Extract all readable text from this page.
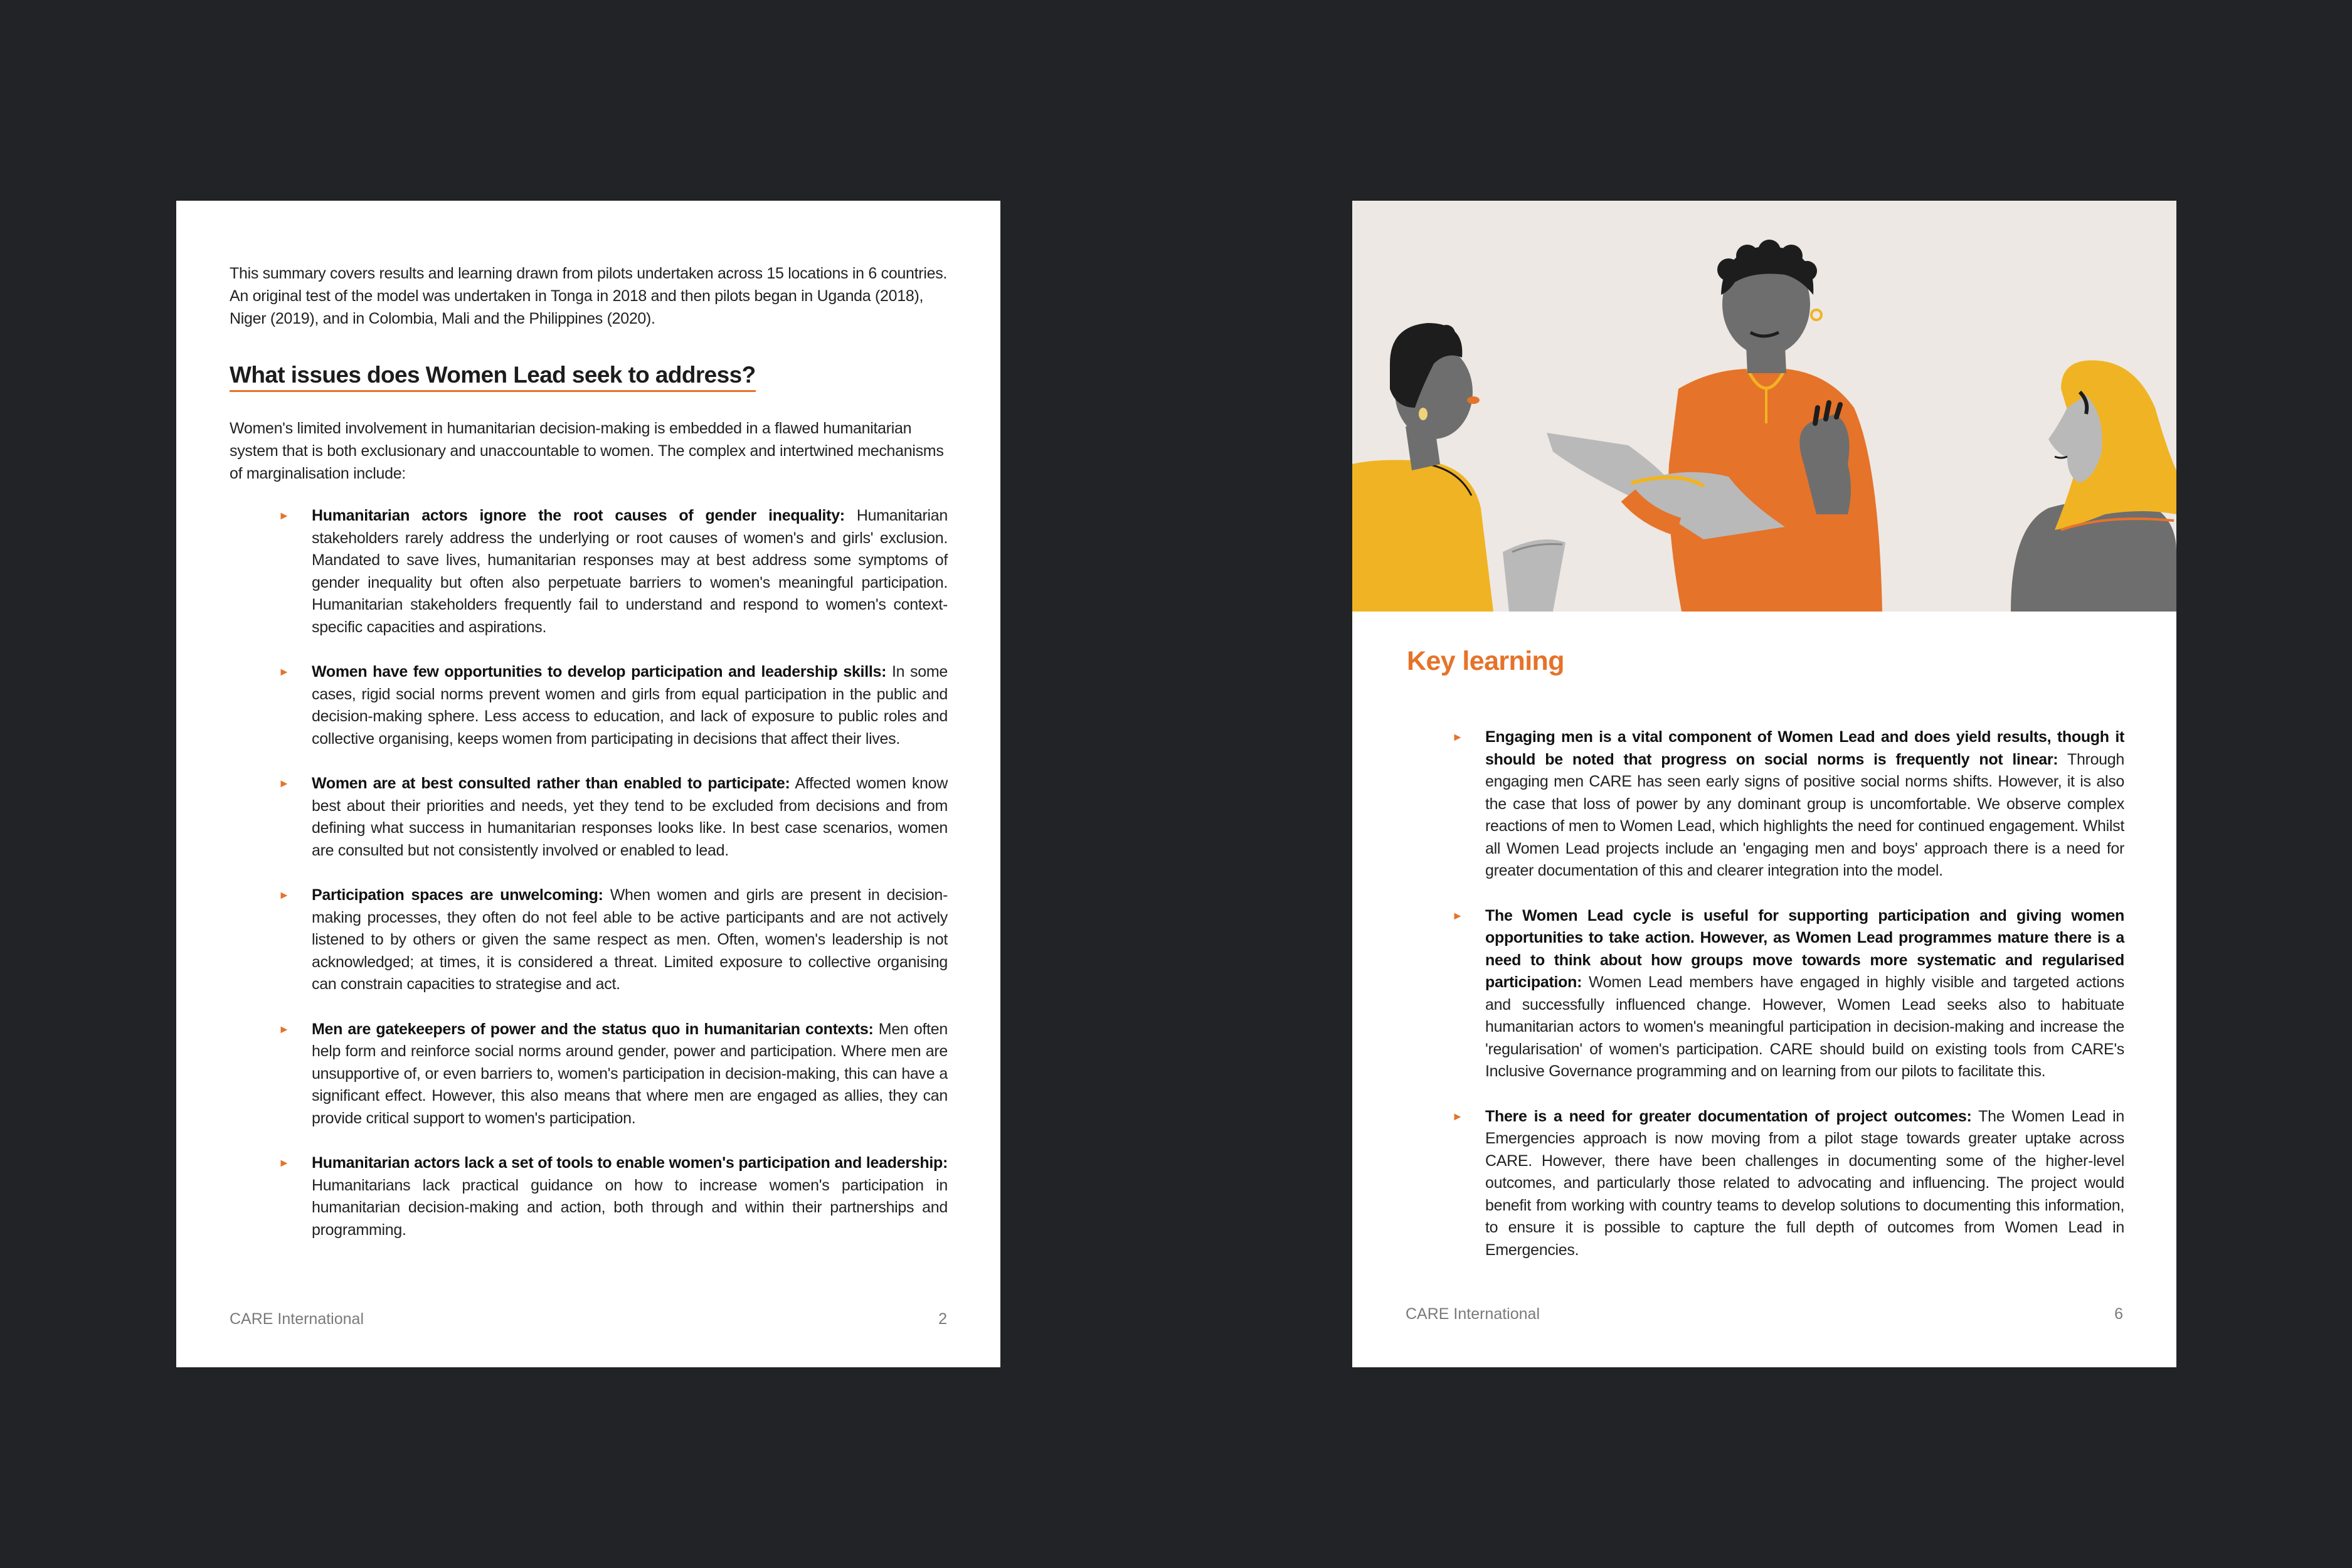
This summary covers results and learning drawn from pilots undertaken across 15 locations in 6 countries. An original test of the model was undertaken in Tonga in 2018 and then pilots began in Uganda (2018), Niger (2019), and in Colombia, Mali and the Philippines (2020).

What issues does Women Lead seek to address?

Women's limited involvement in humanitarian decision-making is embedded in a flawed humanitarian system that is both exclusionary and unaccountable to women. The complex and intertwined mechanisms of marginalisation include:

► Humanitarian actors ignore the root causes of gender inequality: Humanitarian stakeholders rarely address the underlying or root causes of women's and girls' exclusion. Mandated to save lives, humanitarian responses may at best address some symptoms of gender inequality but often also perpetuate barriers to women's meaningful participation. Humanitarian stakeholders frequently fail to understand and respond to women's context-specific capacities and aspirations.
► Women have few opportunities to develop participation and leadership skills: In some cases, rigid social norms prevent women and girls from equal participation in the public and decision-making sphere. Less access to education, and lack of exposure to public roles and collective organising, keeps women from participating in decisions that affect their lives.
► Women are at best consulted rather than enabled to participate: Affected women know best about their priorities and needs, yet they tend to be excluded from decisions and from defining what success in humanitarian responses looks like. In best case scenarios, women are consulted but not consistently involved or enabled to lead.
► Participation spaces are unwelcoming: When women and girls are present in decision-making processes, they often do not feel able to be active participants and are not actively listened to by others or given the same respect as men. Often, women's leadership is not acknowledged; at times, it is considered a threat. Limited exposure to collective organising can constrain capacities to strategise and act.
► Men are gatekeepers of power and the status quo in humanitarian contexts: Men often help form and reinforce social norms around gender, power and participation. Where men are unsupportive of, or even barriers to, women's participation in decision-making, this can have a significant effect. However, this also means that where men are engaged as allies, they can provide critical support to women's participation.
► Humanitarian actors lack a set of tools to enable women's participation and leadership: Humanitarians lack practical guidance on how to increase women's participation in humanitarian decision-making and action, both through and within their partnerships and programming.
CARE International	2
Key learning
► Engaging men is a vital component of Women Lead and does yield results, though it should be noted that progress on social norms is frequently not linear: Through engaging men CARE has seen early signs of positive social norms shifts. However, it is also the case that loss of power by any dominant group is uncomfortable. We observe complex reactions of men to Women Lead, which highlights the need for continued engagement. Whilst all Women Lead projects include an 'engaging men and boys' approach there is a need for greater documentation of this and clearer integration into the model.
► The Women Lead cycle is useful for supporting participation and giving women opportunities to take action. However, as Women Lead programmes mature there is a need to think about how groups move towards more systematic and regularised participation: Women Lead members have engaged in highly visible and targeted actions and successfully influenced change. However, Women Lead seeks also to habituate humanitarian actors to women's meaningful participation in decision-making and increase the 'regularisation' of women's participation. CARE should build on existing tools from CARE's Inclusive Governance programming and on learning from our pilots to facilitate this.
► There is a need for greater documentation of project outcomes: The Women Lead in Emergencies approach is now moving from a pilot stage towards greater uptake across CARE. However, there have been challenges in documenting some of the higher-level outcomes, and particularly those related to advocating and influencing. The project would benefit from working with country teams to develop solutions to documenting this information, to ensure it is possible to capture the full depth of outcomes from Women Lead in Emergencies.
CARE International	6
